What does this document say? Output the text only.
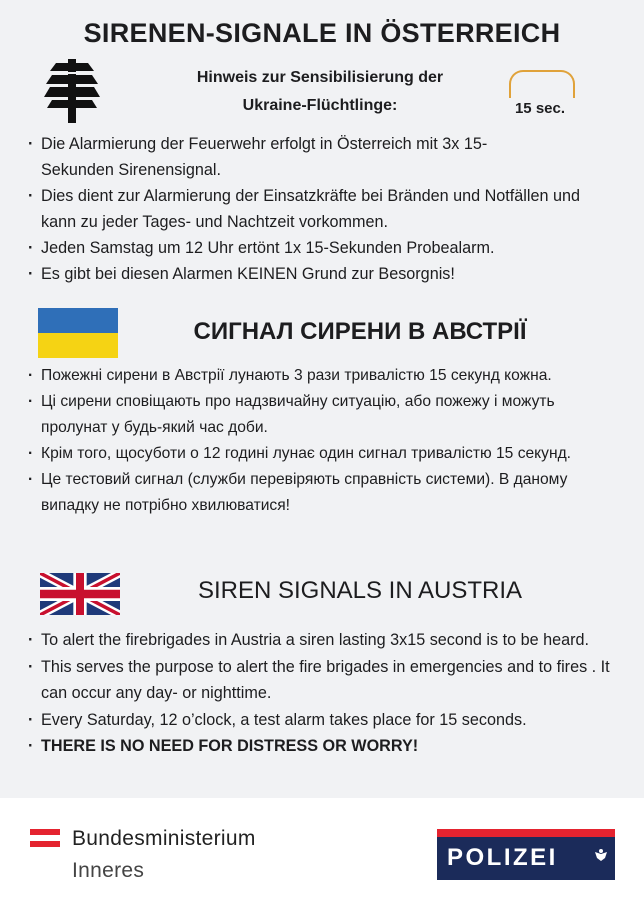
SIRENEN-SIGNALE IN ÖSTERREICH
Hinweis zur Sensibilisierung der
Ukraine-Flüchtlinge:	15 sec.
· Die Alarmierung der Feuerwehr erfolgt in Österreich mit 3x 15-Sekunden Sirenensignal.
· Dies dient zur Alarmierung der Einsatzkräfte bei Bränden und Notfällen und kann zu jeder Tages- und Nachtzeit vorkommen.
· Jeden Samstag um 12 Uhr ertönt 1x 15-Sekunden Probealarm.
· Es gibt bei diesen Alarmen KEINEN Grund zur Besorgnis!
СИГНАЛ СИРЕНИ В АВСТРІЇ
· Пожежні сирени в Австрії лунають 3 рази тривалістю 15 секунд кожна.
· Ці сирени сповіщають про надзвичайну ситуацію, або пожежу і можуть пролунат у будь-який час доби.
· Крім того, щосуботи о 12 годині лунає один сигнал тривалістю 15 секунд.
· Це тестовий сигнал (служби перевіряють справність системи). В даному випадку не потрібно хвилюватися!
SIREN SIGNALS IN AUSTRIA
· To alert the firebrigades in Austria a siren lasting 3x15 second is to be heard.
· This serves the purpose to alert the fire brigades in emergencies and to fires . It can occur any day- or nighttime.
· Every Saturday, 12 o’clock, a test alarm takes place for 15 seconds.
· THERE IS NO NEED FOR DISTRESS OR WORRY!
Bundesministerium
Inneres	POLIZEI
